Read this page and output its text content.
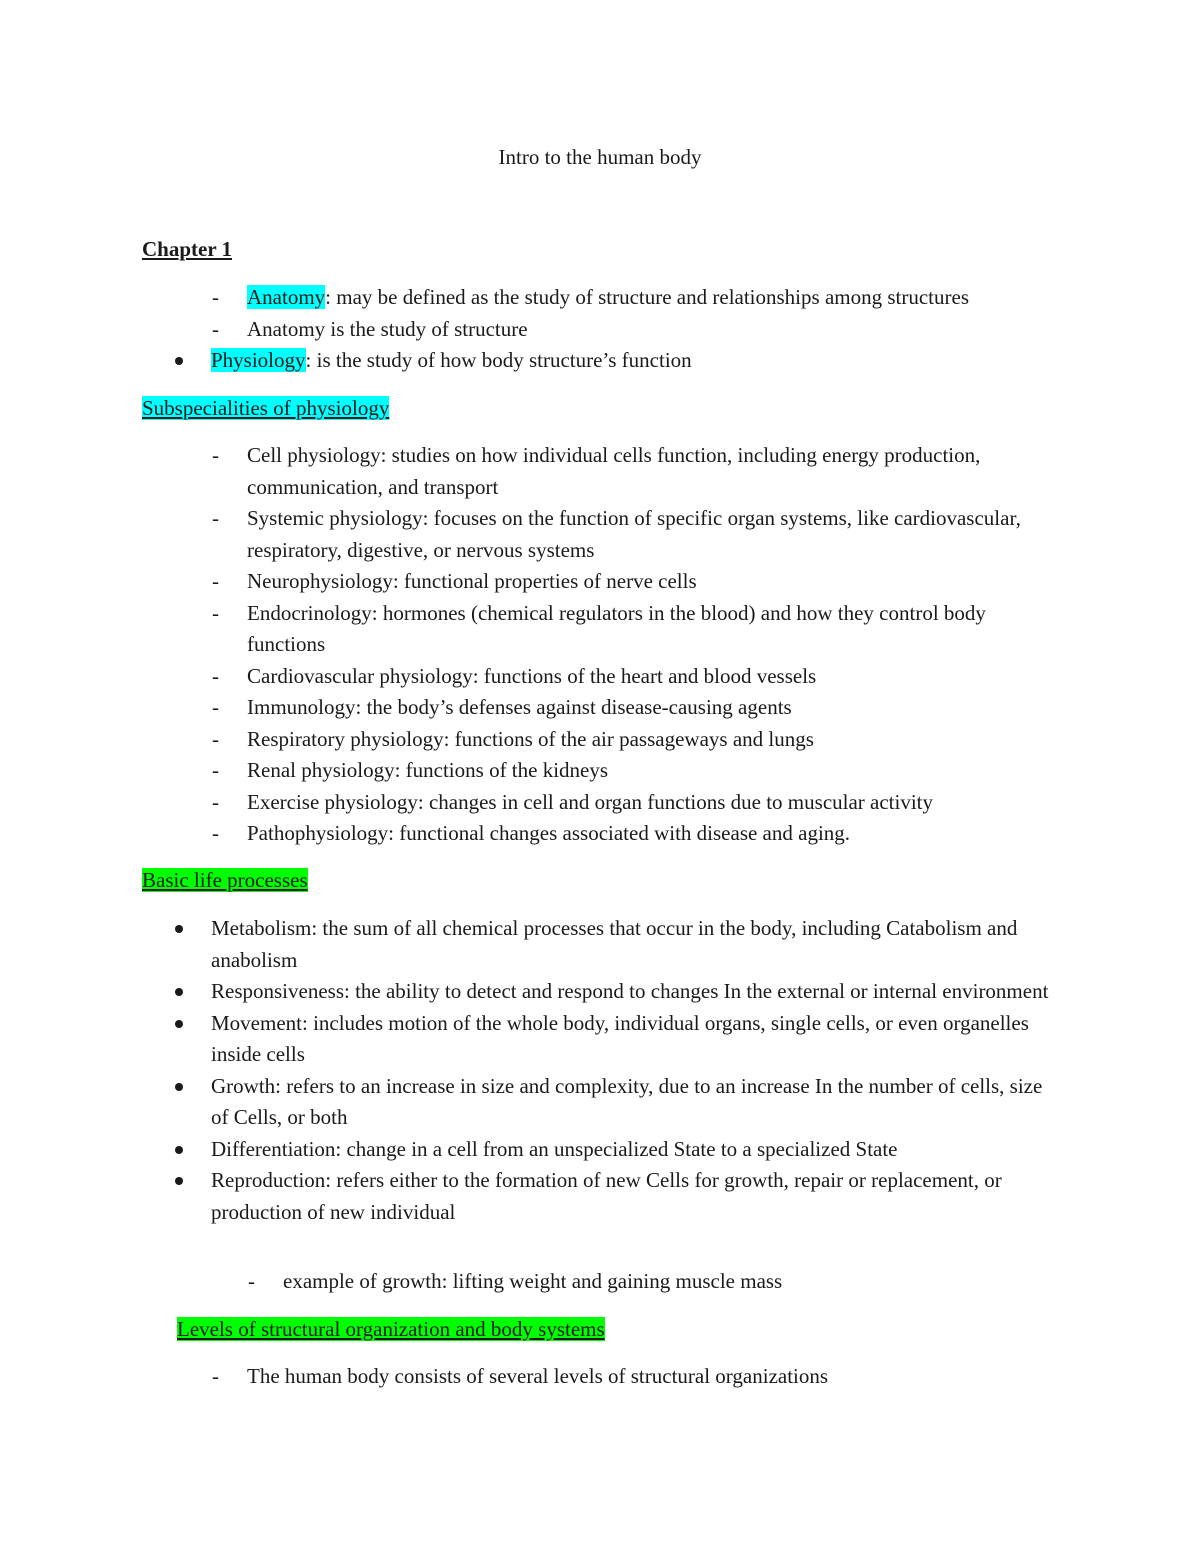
Intro to the human body
Chapter 1
- Anatomy: may be defined as the study of structure and relationships among structures
- Anatomy is the study of structure
Physiology: is the study of how body structure’s function
Subspecialities of physiology
- Cell physiology: studies on how individual cells function, including energy production, communication, and transport
- Systemic physiology: focuses on the function of specific organ systems, like cardiovascular, respiratory, digestive, or nervous systems
- Neurophysiology: functional properties of nerve cells
- Endocrinology: hormones (chemical regulators in the blood) and how they control body functions
- Cardiovascular physiology: functions of the heart and blood vessels
- Immunology: the body’s defenses against disease-causing agents
- Respiratory physiology: functions of the air passageways and lungs
- Renal physiology: functions of the kidneys
- Exercise physiology: changes in cell and organ functions due to muscular activity
- Pathophysiology: functional changes associated with disease and aging.
Basic life processes
Metabolism: the sum of all chemical processes that occur in the body, including Catabolism and anabolism
Responsiveness: the ability to detect and respond to changes In the external or internal environment
Movement: includes motion of the whole body, individual organs, single cells, or even organelles inside cells
Growth: refers to an increase in size and complexity, due to an increase In the number of cells, size of Cells, or both
Differentiation: change in a cell from an unspecialized State to a specialized State
Reproduction: refers either to the formation of new Cells for growth, repair or replacement, or production of new individual
- example of growth: lifting weight and gaining muscle mass
Levels of structural organization and body systems
- The human body consists of several levels of structural organizations
